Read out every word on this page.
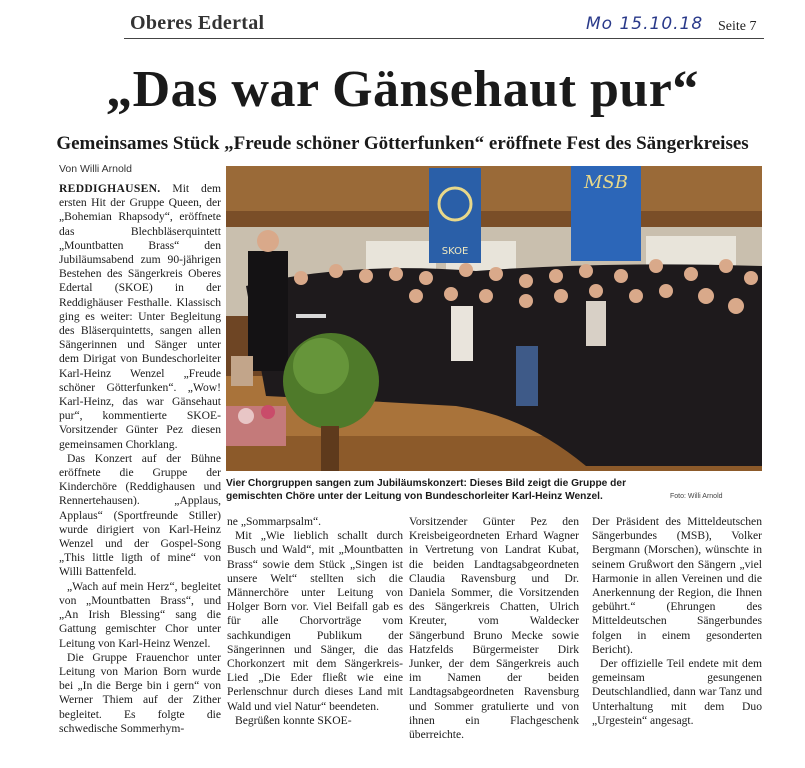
Oberes Edertal	Mo 15.10.18 Seite 7
„Das war Gänsehaut pur“
Gemeinsames Stück „Freude schöner Götterfunken“ eröffnete Fest des Sängerkreises
Von Willi Arnold

REDDIGHAUSEN. Mit dem ersten Hit der Gruppe Queen, der „Bohemian Rhapsody“, eröffnete das Blechbläserquintett „Mountbatten Brass“ den Jubiläumsabend zum 90-jährigen Bestehen des Sängerkreis Oberes Edertal (SKOE) in der Reddighäuser Festhalle. Klassisch ging es weiter: Unter Begleitung des Bläserquintetts, sangen allen Sängerinnen und Sänger unter dem Dirigat von Bundeschorleiter Karl-Heinz Wenzel „Freude schöner Götterfunken“. „Wow! Karl-Heinz, das war Gänsehaut pur“, kommentierte SKOE-Vorsitzender Günter Pez diesen gemeinsamen Chorklang.

Das Konzert auf der Bühne eröffnete die Gruppe der Kinderchöre (Reddighausen und Rennertehausen). „Applaus, Applaus“ (Sportfreunde Stiller) wurde dirigiert von Karl-Heinz Wenzel und der Gospel-Song „This little ligth of mine“ von Willi Battenfeld.

„Wach auf mein Herz“, begleitet von „Mountbatten Brass“, und „An Irish Blessing“ sang die Gattung gemischter Chor unter Leitung von Karl-Heinz Wenzel.

Die Gruppe Frauenchor unter Leitung von Marion Born wurde bei „In die Berge bin i gern“ von Werner Thiem auf der Zither begleitet. Es folgte die schwedische Sommerhym-

SKOE
MSB
Vier Chorgruppen sangen zum Jubiläumskonzert: Dieses Bild zeigt die Gruppe der gemischten Chöre unter der Leitung von Bundeschorleiter Karl-Heinz Wenzel.	Foto: Willi Arnold

ne „Sommarpsalm“.

Mit „Wie lieblich schallt durch Busch und Wald“, mit „Mountbatten Brass“ sowie dem Stück „Singen ist unsere Welt“ stellten sich die Männerchöre unter Leitung von Holger Born vor. Viel Beifall gab es für alle Chorvorträge vom sachkundigen Publikum der Sängerinnen und Sänger, die das Chorkonzert mit dem Sängerkreis-Lied „Die Eder fließt wie eine Perlenschnur durch dieses Land mit Wald und viel Natur“ beendeten.

Begrüßen konnte SKOE-

Vorsitzender Günter Pez den Kreisbeigeordneten Erhard Wagner in Vertretung von Landrat Kubat, die beiden Landtagsabgeordneten Claudia Ravensburg und Dr. Daniela Sommer, die Vorsitzenden des Sängerkreis Chatten, Ulrich Kreuter, vom Waldecker Sängerbund Bruno Mecke sowie Hatzfelds Bürgermeister Dirk Junker, der dem Sängerkreis auch im Namen der beiden Landtagsabgeordneten Ravensburg und Sommer gratulierte und von ihnen ein Flachgeschenk überreichte.

Der Präsident des Mitteldeutschen Sängerbundes (MSB), Volker Bergmann (Morschen), wünschte in seinem Grußwort den Sängern „viel Harmonie in allen Vereinen und die Anerkennung der Region, die Ihnen gebührt.“ (Ehrungen des Mitteldeutschen Sängerbundes folgen in einem gesonderten Bericht).

Der offizielle Teil endete mit dem gemeinsam gesungenen Deutschlandlied, dann war Tanz und Unterhaltung mit dem Duo „Urgestein“ angesagt.
